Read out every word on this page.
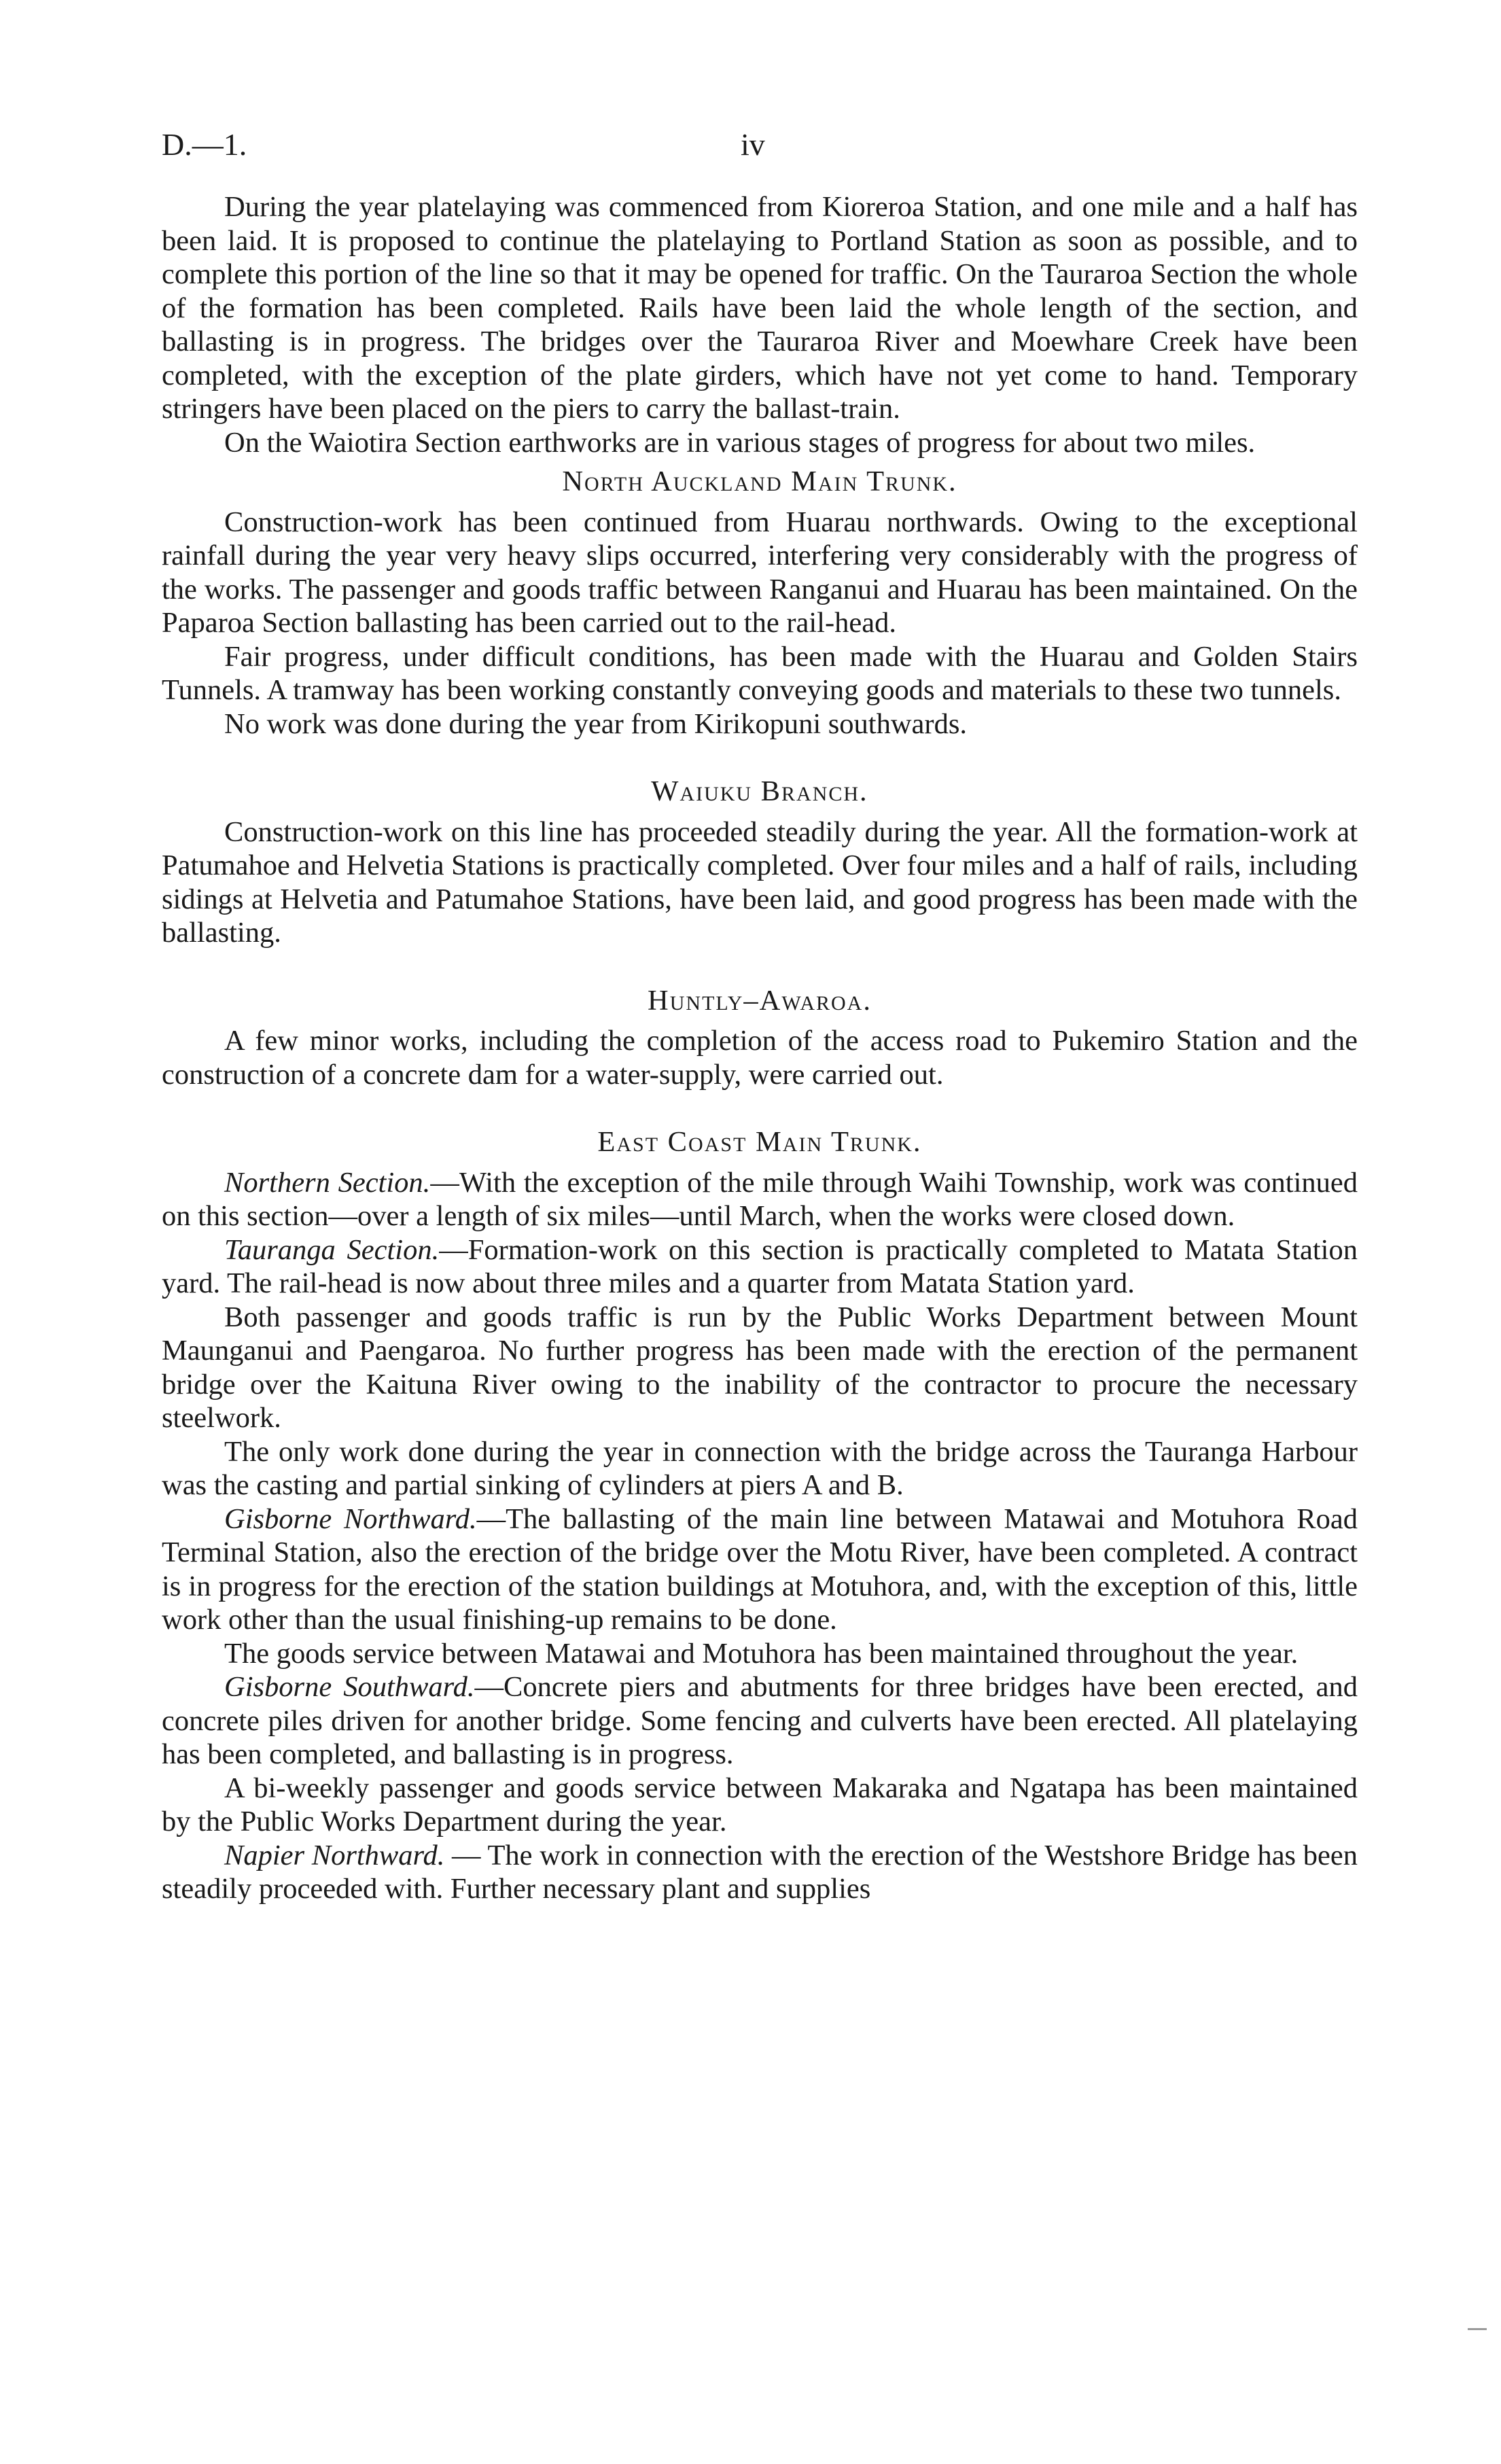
D.—1.	iv

During the year platelaying was commenced from Kioreroa Station, and one mile and a half has been laid. It is proposed to continue the platelaying to Portland Station as soon as possible, and to complete this portion of the line so that it may be opened for traffic. On the Tauraroa Section the whole of the formation has been completed. Rails have been laid the whole length of the section, and ballasting is in progress. The bridges over the Tauraroa River and Moewhare Creek have been completed, with the exception of the plate girders, which have not yet come to hand. Temporary stringers have been placed on the piers to carry the ballast-train.

On the Waiotira Section earthworks are in various stages of progress for about two miles.

North Auckland Main Trunk.

Construction-work has been continued from Huarau northwards. Owing to the exceptional rainfall during the year very heavy slips occurred, interfering very considerably with the progress of the works. The passenger and goods traffic between Ranganui and Huarau has been maintained. On the Paparoa Section ballasting has been carried out to the rail-head.

Fair progress, under difficult conditions, has been made with the Huarau and Golden Stairs Tunnels. A tramway has been working constantly conveying goods and materials to these two tunnels.

No work was done during the year from Kirikopuni southwards.

Waiuku Branch.

Construction-work on this line has proceeded steadily during the year. All the formation-work at Patumahoe and Helvetia Stations is practically completed. Over four miles and a half of rails, including sidings at Helvetia and Patumahoe Stations, have been laid, and good progress has been made with the ballasting.

Huntly–Awaroa.

A few minor works, including the completion of the access road to Pukemiro Station and the construction of a concrete dam for a water-supply, were carried out.

East Coast Main Trunk.

Northern Section.—With the exception of the mile through Waihi Township, work was continued on this section—over a length of six miles—until March, when the works were closed down.

Tauranga Section.—Formation-work on this section is practically completed to Matata Station yard. The rail-head is now about three miles and a quarter from Matata Station yard.

Both passenger and goods traffic is run by the Public Works Department between Mount Maunganui and Paengaroa. No further progress has been made with the erection of the permanent bridge over the Kaituna River owing to the inability of the contractor to procure the necessary steelwork.

The only work done during the year in connection with the bridge across the Tauranga Harbour was the casting and partial sinking of cylinders at piers A and B.

Gisborne Northward.—The ballasting of the main line between Matawai and Motuhora Road Terminal Station, also the erection of the bridge over the Motu River, have been completed. A contract is in progress for the erection of the station buildings at Motuhora, and, with the exception of this, little work other than the usual finishing-up remains to be done.

The goods service between Matawai and Motuhora has been maintained throughout the year.

Gisborne Southward.—Concrete piers and abutments for three bridges have been erected, and concrete piles driven for another bridge. Some fencing and culverts have been erected. All platelaying has been completed, and ballasting is in progress.

A bi-weekly passenger and goods service between Makaraka and Ngatapa has been maintained by the Public Works Department during the year.

Napier Northward. — The work in connection with the erection of the Westshore Bridge has been steadily proceeded with. Further necessary plant and supplies
